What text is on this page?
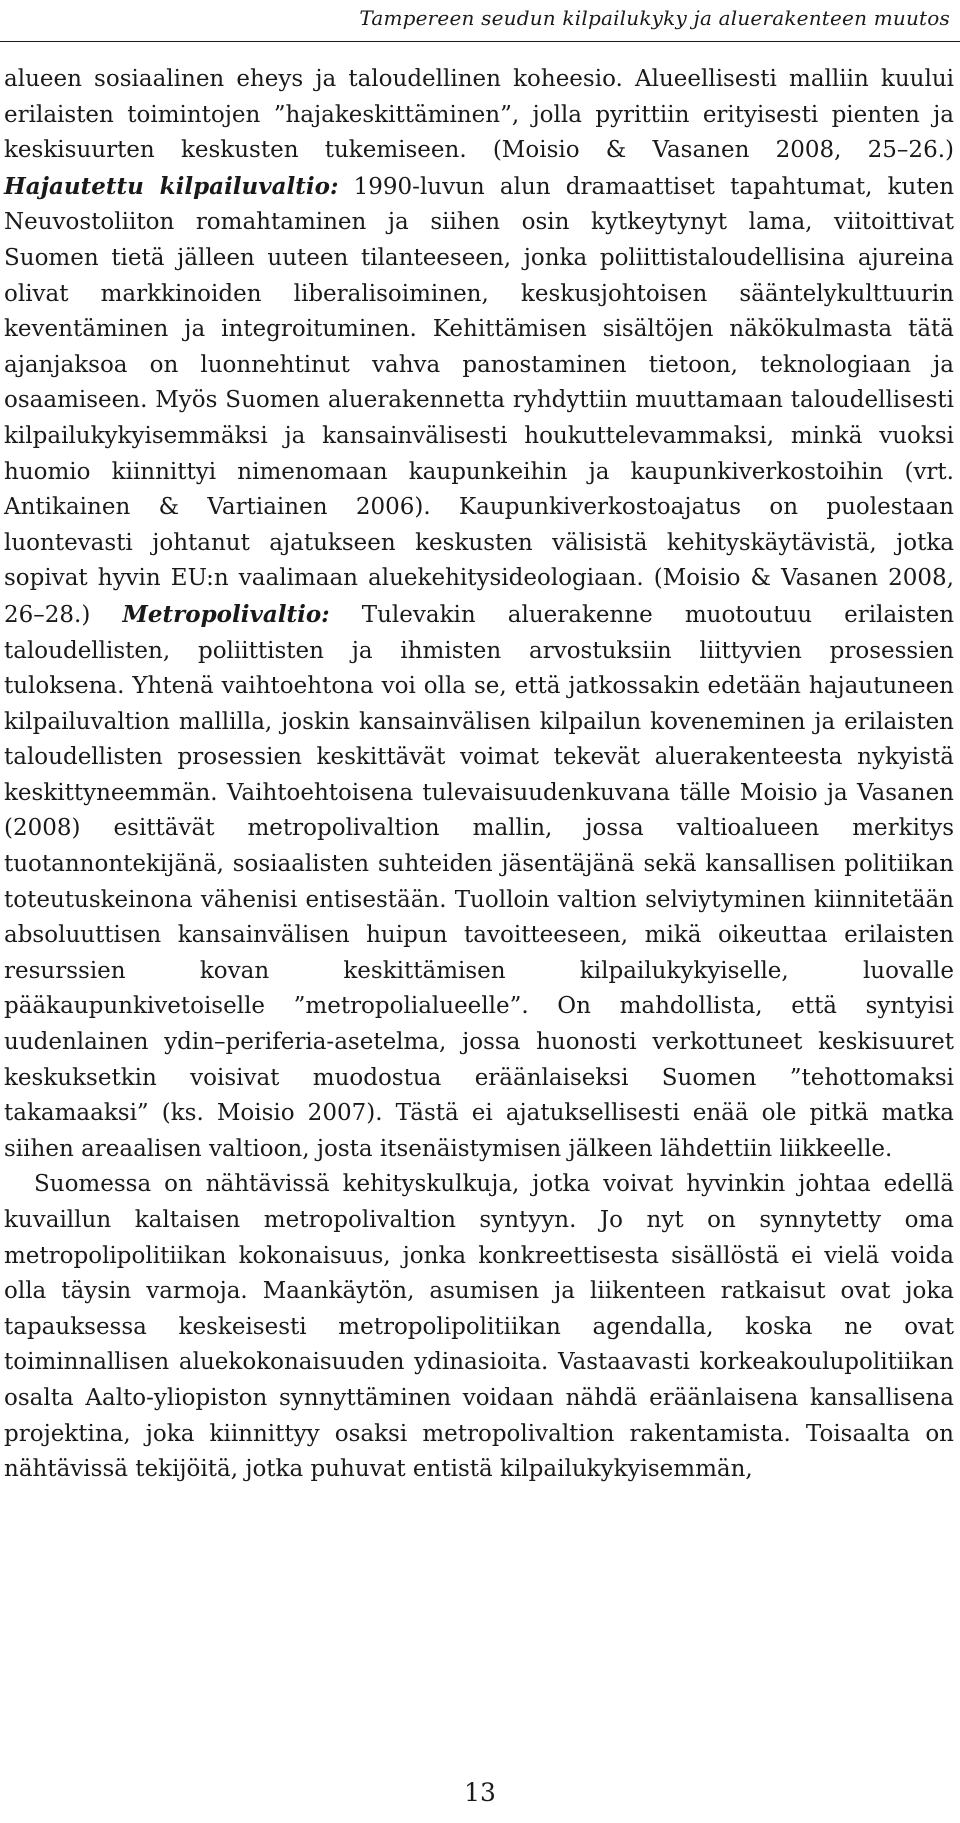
Tampereen seudun kilpailukyky ja aluerakenteen muutos

alueen sosiaalinen eheys ja taloudellinen koheesio. Alueellisesti malliin kuului erilaisten toimintojen ”hajakeskittäminen”, jolla pyrittiin erityisesti pienten ja keskisuurten keskusten tukemiseen. (Moisio & Vasanen 2008, 25–26.) Hajautettu kilpailuvaltio: 1990-luvun alun dramaattiset tapahtumat, kuten Neuvostoliiton romahtaminen ja siihen osin kytkeytynyt lama, viitoittivat Suomen tietä jälleen uuteen tilanteeseen, jonka poliittistaloudellisina ajureina olivat markkinoiden liberalisoiminen, keskusjohtoisen sääntelykulttuurin keventäminen ja integroituminen. Kehittämisen sisältöjen näkökulmasta tätä ajanjaksoa on luonnehtinut vahva panostaminen tietoon, teknologiaan ja osaamiseen. Myös Suomen aluerakennetta ryhdyttiin muuttamaan taloudellisesti kilpailukykyisemmäksi ja kansainvälisesti houkuttelevammaksi, minkä vuoksi huomio kiinnittyi nimenomaan kaupunkeihin ja kaupunkiverkostoihin (vrt. Antikainen & Vartiainen 2006). Kaupunkiverkostoajatus on puolestaan luontevasti johtanut ajatukseen keskusten välisistä kehityskäytävistä, jotka sopivat hyvin EU:n vaalimaan aluekehitysideologiaan. (Moisio & Vasanen 2008, 26–28.) Metropolivaltio: Tulevakin aluerakenne muotoutuu erilaisten taloudellisten, poliittisten ja ihmisten arvostuksiin liittyvien prosessien tuloksena. Yhtenä vaihtoehtona voi olla se, että jatkossakin edetään hajautuneen kilpailuvaltion mallilla, joskin kansainvälisen kilpailun koveneminen ja erilaisten taloudellisten prosessien keskittävät voimat tekevät aluerakenteesta nykyistä keskittyneemmän. Vaihtoehtoisena tulevaisuudenkuvana tälle Moisio ja Vasanen (2008) esittävät metropolivaltion mallin, jossa valtioalueen merkitys tuotannontekijänä, sosiaalisten suhteiden jäsentäjänä sekä kansallisen politiikan toteutuskeinona vähenisi entisestään. Tuolloin valtion selviytyminen kiinnitetään absoluuttisen kansainvälisen huipun tavoitteeseen, mikä oikeuttaa erilaisten resurssien kovan keskittämisen kilpailukykyiselle, luovalle pääkaupunkivetoiselle ”metropolialueelle”. On mahdollista, että syntyisi uudenlainen ydin–periferia-asetelma, jossa huonosti verkottuneet keskisuuret keskuksetkin voisivat muodostua eräänlaiseksi Suomen ”tehottomaksi takamaaksi” (ks. Moisio 2007). Tästä ei ajatuksellisesti enää ole pitkä matka siihen areaalisen valtioon, josta itsenäistymisen jälkeen lähdettiin liikkeelle.

Suomessa on nähtävissä kehityskulkuja, jotka voivat hyvinkin johtaa edellä kuvaillun kaltaisen metropolivaltion syntyyn. Jo nyt on synnytetty oma metropolipolitiikan kokonaisuus, jonka konkreettisesta sisällöstä ei vielä voida olla täysin varmoja. Maankäytön, asumisen ja liikenteen ratkaisut ovat joka tapauksessa keskeisesti metropolipolitiikan agendalla, koska ne ovat toiminnallisen aluekokonaisuuden ydinasioita. Vastaavasti korkeakoulupolitiikan osalta Aalto-yliopiston synnyttäminen voidaan nähdä eräänlaisena kansallisena projektina, joka kiinnittyy osaksi metropolivaltion rakentamista. Toisaalta on nähtävissä tekijöitä, jotka puhuvat entistä kilpailukykyisemmän,

13
